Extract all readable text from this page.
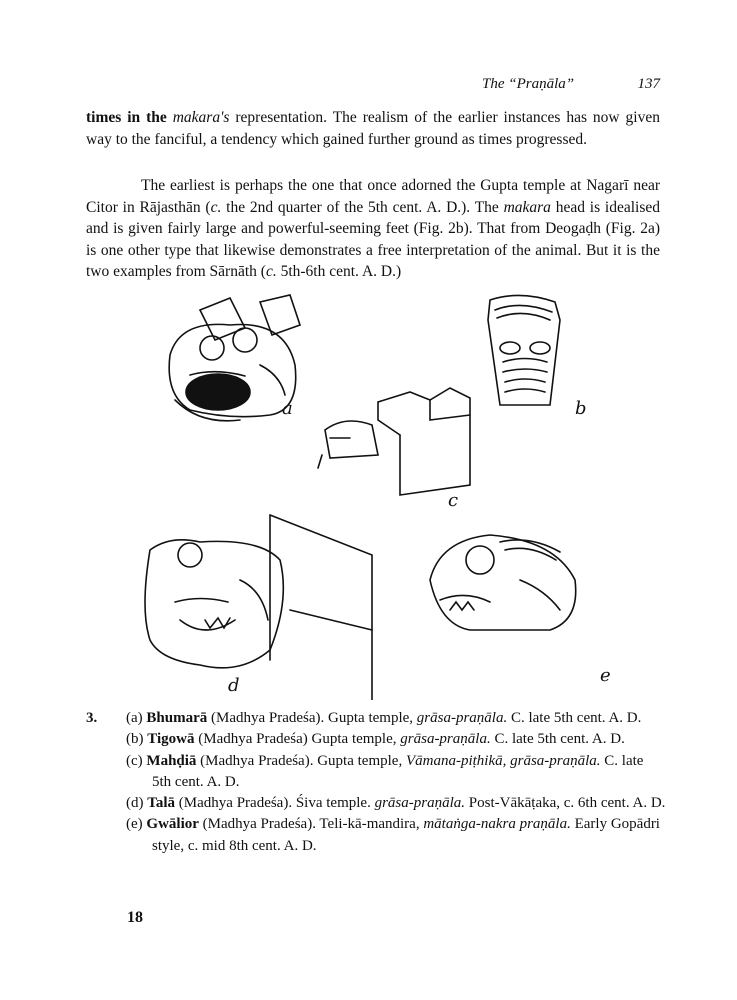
The “Praṇāla”	137
times in the makara's representation. The realism of the earlier instances has now given way to the fanciful, a tendency which gained further ground as times progressed.
The earliest is perhaps the one that once adorned the Gupta temple at Nagarī near Citor in Rājasthān (c. the 2nd quarter of the 5th cent. A. D.). The makara head is idealised and is given fairly large and powerful-seeming feet (Fig. 2b). That from Deogaḍh (Fig. 2a) is one other type that likewise demonstrates a free interpretation of the animal. But it is the two examples from Sārnāth (c. 5th-6th cent. A. D.)
a	b
c
d	e
3.	(a) Bhumarā (Madhya Pradeśa). Gupta temple, grāsa-praṇāla. C. late 5th cent. A. D.
(b) Tigowā (Madhya Pradeśa) Gupta temple, grāsa-praṇāla. C. late 5th cent. A. D.
(c) Mahḍiā (Madhya Pradeśa). Gupta temple, Vāmana-piṭhikā, grāsa-praṇāla. C. late 5th cent. A. D.
(d) Talā (Madhya Pradeśa). Śiva temple. grāsa-praṇāla. Post-Vākāṭaka, c. 6th cent. A. D.
(e) Gwālior (Madhya Pradeśa). Teli-kā-mandira, mātaṅga-nakra praṇāla. Early Gopādri style, c. mid 8th cent. A. D.
18
